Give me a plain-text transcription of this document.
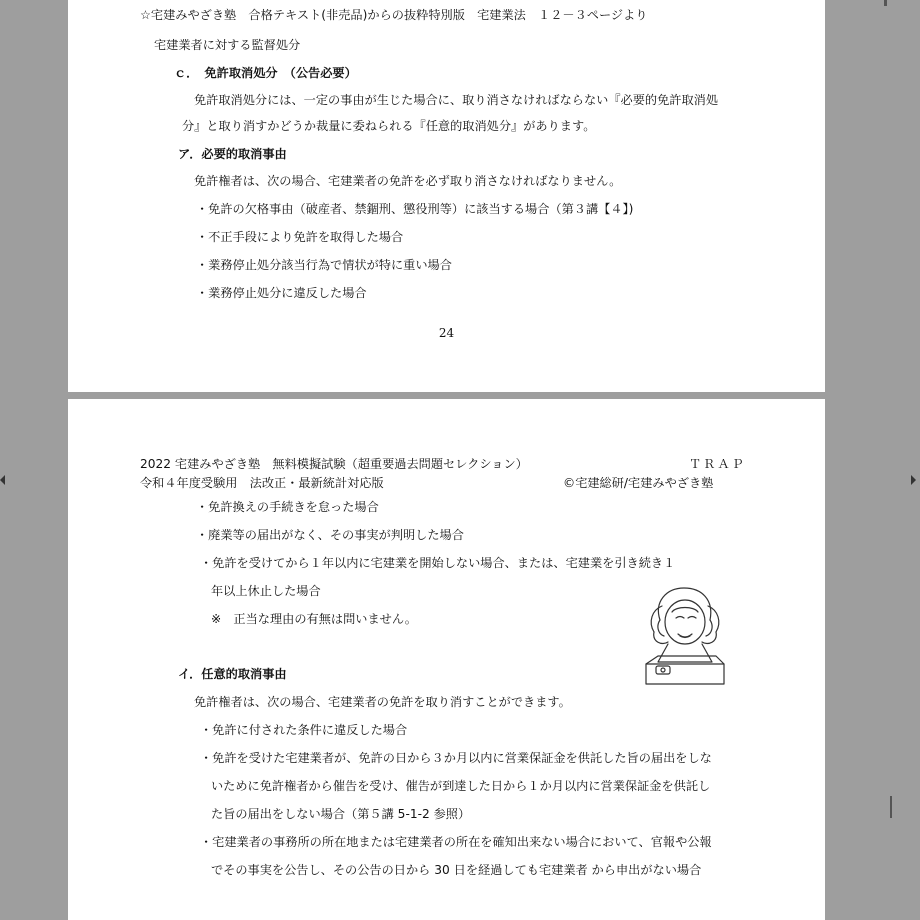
☆宅建みやざき塾　合格テキスト(非売品)からの抜粋特別版　宅建業法　１２－３ページより
宅建業者に対する監督処分
ｃ．　免許取消処分　（公告必要）
免許取消処分には、一定の事由が生じた場合に、取り消さなければならない『必要的免許取消処
分』と取り消すかどうか裁量に委ねられる『任意的取消処分』があります。
ア．必要的取消事由
免許権者は、次の場合、宅建業者の免許を必ず取り消さなければなりません。
・免許の欠格事由（破産者、禁錮刑、懲役刑等）に該当する場合（第３講【４】)
・不正手段により免許を取得した場合
・業務停止処分該当行為で情状が特に重い場合
・業務停止処分に違反した場合
24
2022 宅建みやざき塾　無料模擬試験（超重要過去問題セレクション）	ＴＲＡＰ
令和４年度受験用　法改正・最新統計対応版	©宅建総研/宅建みやざき塾
・免許換えの手続きを怠った場合
・廃業等の届出がなく、その事実が判明した場合
・免許を受けてから１年以内に宅建業を開始しない場合、または、宅建業を引き続き１
年以上休止した場合
※　正当な理由の有無は問いません。
イ．任意的取消事由
免許権者は、次の場合、宅建業者の免許を取り消すことができます。
・免許に付された条件に違反した場合
・免許を受けた宅建業者が、免許の日から３か月以内に営業保証金を供託した旨の届出をしな
いために免許権者から催告を受け、催告が到達した日から１か月以内に営業保証金を供託し
た旨の届出をしない場合（第５講 5-1-2 参照）
・宅建業者の事務所の所在地または宅建業者の所在を確知出来ない場合において、官報や公報
でその事実を公告し、その公告の日から 30 日を経過しても宅建業者 から申出がない場合
